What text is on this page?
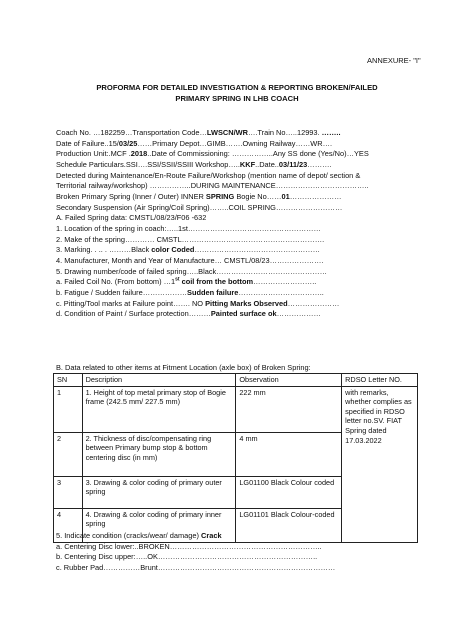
ANNEXURE- "I"
PROFORMA FOR DETAILED INVESTIGATION & REPORTING BROKEN/FAILED
PRIMARY SPRING IN LHB COACH
Coach No. …182259…Transportation Code…LWSCN/WR….Train No…..12993. ……..
Date of Failure..15/03/25……Primary Depot…GIMB…….Owning Railway……WR….
Production Unit:.MCF .2018..Date of Commissioning: ……………..Any SS done (Yes/No)…YES
Schedule Particulars.SSI….SSI/SSII/SSIII Workshop…..KKF..Date..03/11/23……….
Detected during Maintenance/En-Route Failure/Workshop (mention name of depot/ section &
Territorial railway/workshop) ……………..DURING MAINTENANCE………………………………..
Broken Primary Spring (Inner / Outer) INNER SPRING Bogie No……01…………………
Secondary Suspension (Air Spring/Coil Spring)……..COIL SPRING………………………
A. Failed Spring data: CMSTL/08/23/F06 -632
1. Location of the spring in coach:…..1st………………………………………………
2. Make of the spring………… CMSTL………………………………………………….
3. Marking. . .. . ………Black color Coded……………………………………………
4. Manufacturer, Month and Year of Manufacture… CMSTL/08/23………………….
5. Drawing number/code of failed spring…..Black………………………………………
a. Failed Coil No. (From bottom) …1st coil from the bottom……………………..
b. Fatigue / Sudden failure………………Sudden failure……………………………..
c. Pitting/Tool marks at Failure point……. NO Pitting Marks Observed…………………
d. Condition of Paint / Surface protection………Painted surface ok………………
B. Data related to other items at Fitment Location (axle box) of Broken Spring:
SN	Description	Observation	RDSO Letter NO.
1	1. Height of top metal primary stop of Bogie frame (242.5 mm/ 227.5 mm)	222 mm	with remarks, whether complies as specified in RDSO letter no.SV. FIAT Spring dated 17.03.2022
2	2. Thickness of disc/compensating ring between Primary bump stop & bottom centering disc (in mm)	4 mm	
3	3. Drawing & color coding of primary outer spring	LG01100 Black Colour coded	
4	4. Drawing & color coding of primary inner spring	LG01101 Black Colour-coded	
5. Indicate condition (cracks/wear/ damage) Crack
a. Centering Disc lower:..BROKEN……………………………………………………..
b. Centering Disc upper:…..OK………………………………………………………..
c. Rubber Pad……………Brunt………………………………………………………………
